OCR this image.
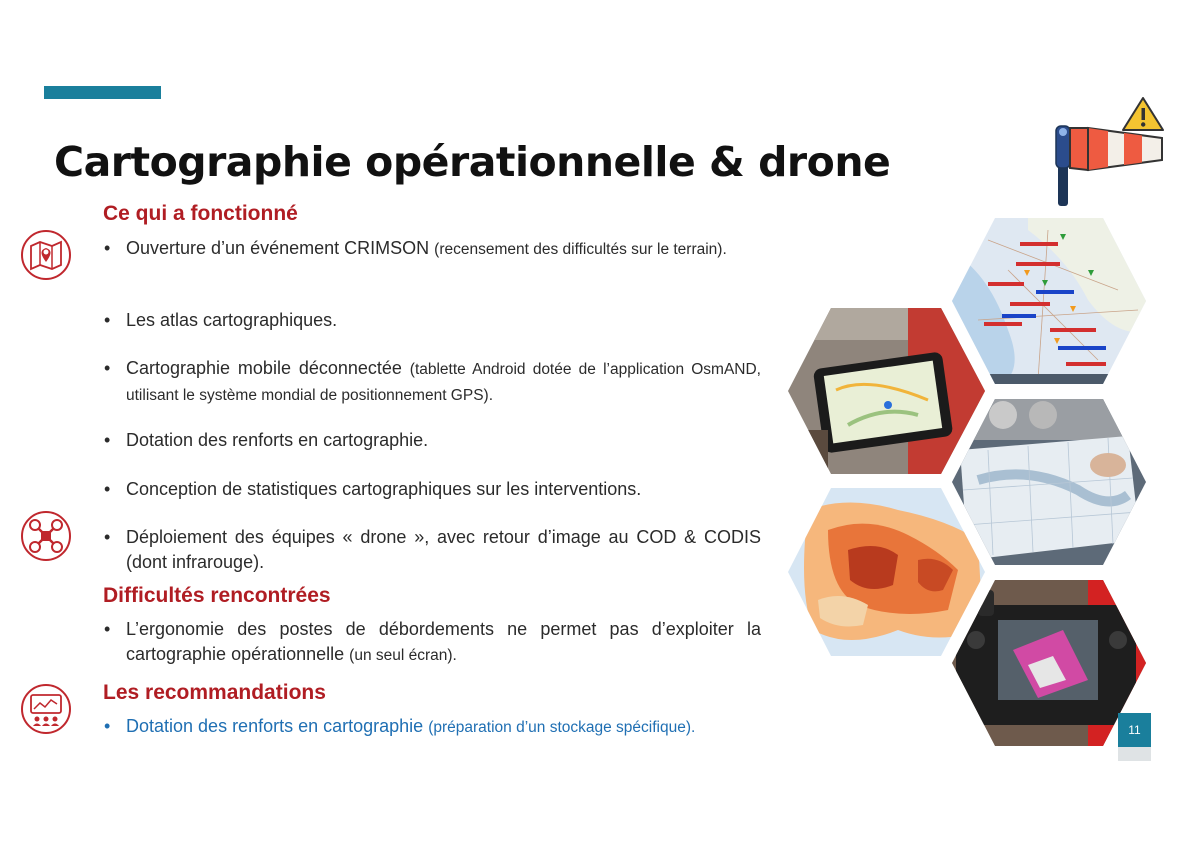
Cartographie opérationnelle & drone
Ce qui a fonctionné
• Ouverture d’un événement CRIMSON (recensement des difficultés sur le terrain).
• Les atlas cartographiques.
• Cartographie mobile déconnectée (tablette Android dotée de l’application OsmAND, utilisant le système mondial de positionnement GPS).
• Dotation des renforts en cartographie.
• Conception de statistiques cartographiques sur les interventions.
• Déploiement des équipes « drone », avec retour d’image au COD & CODIS (dont infrarouge).
Difficultés rencontrées
• L’ergonomie des postes de débordements ne permet pas d’exploiter la cartographie opérationnelle (un seul écran).
Les recommandations
• Dotation des renforts en cartographie (préparation d’un stockage spécifique).	11
